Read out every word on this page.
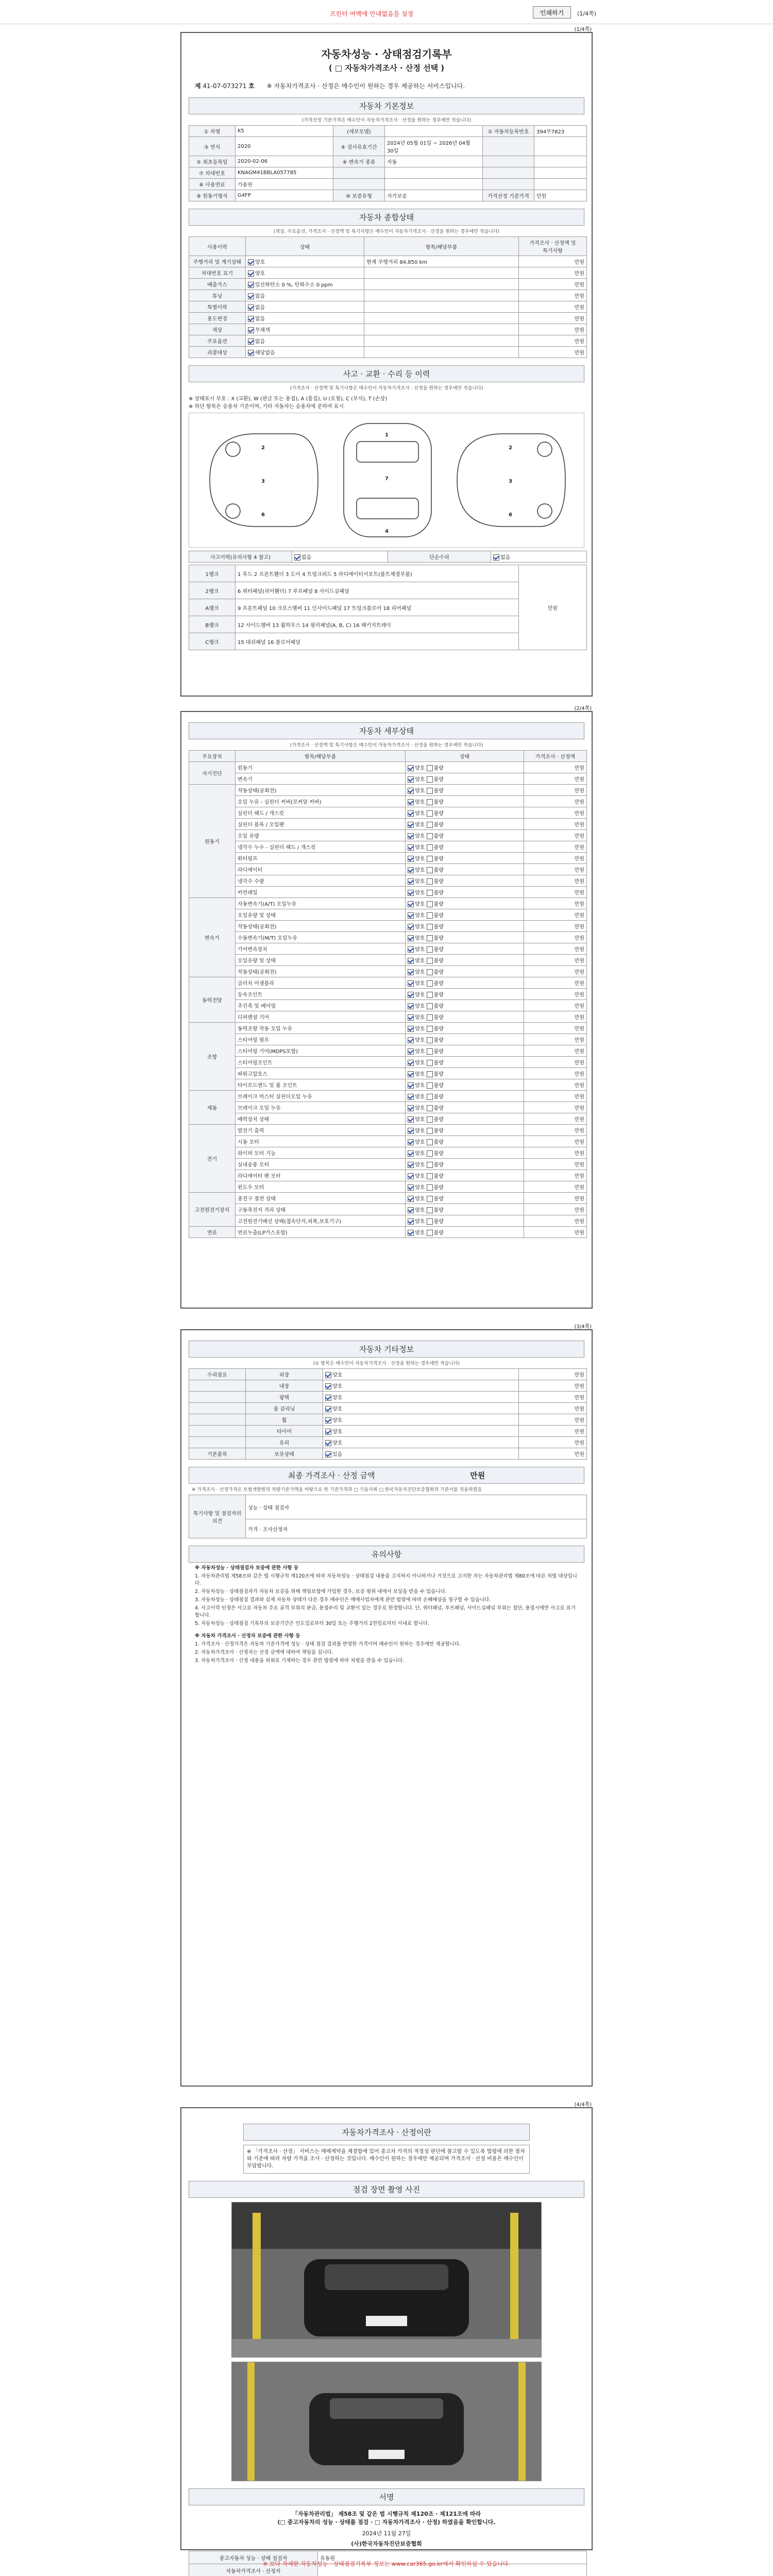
프린터 여백에 안내없음을 설정	인쇄하기	(1/4쪽)
(1/4쪽)
자동차성능 · 상태점검기록부
( □ 자동차가격조사 · 산정 선택 )
제 41-07-073271 호 ※ 자동차가격조사 · 산정은 매수인이 원하는 경우 제공하는 서비스입니다.
자동차 기본정보
(가격산정 기준가격은 매수인이 자동차가격조사 · 산정을 원하는 경우에만 적습니다)
① 차명	K5	(세부모델)		② 자동차등록번호	394무7823
③ 연식	2020	④ 검사유효기간	2024년 05월 01일 ~ 2026년 04월 30일		
⑤ 최초등록일	2020-02-06	⑥ 변속기 종류	자동		
⑦ 차대번호	KNAGM41BBLA057785				
⑧ 사용연료	가솔린				
⑨ 원동기형식	G4FP	⑩ 보증유형	자가보증	가격산정 기준가격	만원
자동차 종합상태
(색상, 주요옵션, 가격조사 · 산정액 및 특기사항은 매수인이 자동차가격조사 · 산정을 원하는 경우에만 적습니다)
사용이력	상태	항목/해당부품	가격조사 · 산정액 및 특기사항
주행거리 및 계기상태	양호	현재 주행거리 84,850 km	만원
차대번호 표기	양호		만원
배출가스	일산화탄소 0 %, 탄화수소 0 ppm		만원
튜닝	없음		만원
특별이력	없음		만원
용도변경	없음		만원
색상	무채색		만원
주요옵션	없음		만원
리콜대상	해당없음		만원
사고 · 교환 · 수리 등 이력
(가격조사 · 산정액 및 특기사항은 매수인이 자동차가격조사 · 산정을 원하는 경우에만 적습니다)
※ 상태표시 부호 : X (교환), W (판금 또는 용접), A (흠집), U (요철), C (부식), T (손상)
※ 하단 항목은 승용차 기준이며, 기타 자동차는 승용차에 준하여 표시
2
3
6
1
7
4
2
3
6
사고이력(유의사항 4 참고)	없음	단순수리	없음
1랭크	1 후드 2 프론트휀더 3 도어 4 트렁크리드 5 라디에이터서포트(볼트체결부품)	만원
2랭크	6 쿼터패널(리어휀더) 7 루프패널 8 사이드실패널	
A랭크	9 프론트패널 10 크로스멤버 11 인사이드패널 17 트렁크플로어 18 리어패널	
B랭크	12 사이드멤버 13 휠하우스 14 필러패널(A, B, C) 16 패키지트레이	
C랭크	15 대쉬패널 16 플로어패널	
(2/4쪽)
자동차 세부상태
(가격조사 · 산정액 및 특기사항은 매수인이 자동차가격조사 · 산정을 원하는 경우에만 적습니다)
주요장치	항목/해당부품	상태	가격조사 · 산정액
자기진단	원동기	양호 불량	만원
	변속기	양호 불량	만원
원동기	작동상태(공회전)	양호 불량	만원
	오일 누유 - 실린더 커버(로커암 커버)	양호 불량	만원
	실린더 헤드 / 개스킷	양호 불량	만원
	실린더 블록 / 오일팬	양호 불량	만원
	오일 유량	양호 불량	만원
	냉각수 누수 - 실린더 헤드 / 개스킷	양호 불량	만원
	워터펌프	양호 불량	만원
	라디에이터	양호 불량	만원
	냉각수 수량	양호 불량	만원
	커먼레일	양호 불량	만원
변속기	자동변속기(A/T) 오일누유	양호 불량	만원
	오일유량 및 상태	양호 불량	만원
	작동상태(공회전)	양호 불량	만원
	수동변속기(M/T) 오일누유	양호 불량	만원
	기어변속장치	양호 불량	만원
	오일유량 및 상태	양호 불량	만원
	작동상태(공회전)	양호 불량	만원
동력전달	클러치 어셈블리	양호 불량	만원
	등속조인트	양호 불량	만원
	추진축 및 베어링	양호 불량	만원
	디퍼렌셜 기어	양호 불량	만원
조향	동력조향 작동 오일 누유	양호 불량	만원
	스티어링 펌프	양호 불량	만원
	스티어링 기어(MDPS포함)	양호 불량	만원
	스티어링조인트	양호 불량	만원
	파워고압호스	양호 불량	만원
	타이로드엔드 및 볼 조인트	양호 불량	만원
제동	브레이크 마스터 실린더오일 누유	양호 불량	만원
	브레이크 오일 누유	양호 불량	만원
	배력장치 상태	양호 불량	만원
전기	발전기 출력	양호 불량	만원
	시동 모터	양호 불량	만원
	와이퍼 모터 기능	양호 불량	만원
	실내송풍 모터	양호 불량	만원
	라디에이터 팬 모터	양호 불량	만원
	윈도우 모터	양호 불량	만원
고전원전기장치	충전구 절연 상태	양호 불량	만원
	구동축전지 격리 상태	양호 불량	만원
	고전원전기배선 상태(접속단자,피복,보호기구)	양호 불량	만원
연료	연료누출(LP가스포함)	양호 불량	만원
(3/4쪽)
자동차 기타정보
(① 항목은 매수인이 자동차가격조사 · 산정을 원하는 경우에만 적습니다)
수리필요	외장	양호	만원
	내장	양호	만원
	광택	양호	만원
	룸 클리닝	양호	만원
	휠	양호	만원
	타이어	양호	만원
	유리	양호	만원
기본품목	보유상태	있음	만원
최종 가격조사 · 산정 금액	만원
※ 가격조사 · 산정가격은 보험개발원의 차량기준가액을 바탕으로 한 기준가격과 □ 기술사회 □ 한국자동차진단보증협회의 기준서를 적용하였음
특기사항 및 점검자의 의견	성능 · 상태 점검자
가격 · 조사산정자
유의사항

※ 자동차성능 · 상태점검자 보증에 관한 사항 등

1. 자동차관리법 제58조와 같은 법 시행규칙 제120조에 따라 자동차성능 · 상태점검 내용을 고지하지 아니하거나 거짓으로 고지한 자는 자동차관리법 제80조에 따른 처벌 대상입니다.

2. 자동차성능 · 상태점검자가 자동차 보증을 위해 책임보험에 가입한 경우, 보증 범위 내에서 보상을 받을 수 있습니다.

3. 자동차성능 · 상태점검 결과와 실제 자동차 상태가 다른 경우 매수인은 매매사업자에게 관련 법령에 따라 손해배상을 청구할 수 있습니다.

4. 사고이력 인정은 사고로 자동차 주요 골격 부위의 판금, 용접수리 및 교환이 있는 경우로 한정합니다. 단, 쿼터패널, 루프패널, 사이드실패널 부위는 절단, 용접시에만 사고로 표기합니다.

5. 자동차성능 · 상태점검 기록부의 보증기간은 인도일로부터 30일 또는 주행거리 2천킬로미터 이내로 합니다.

※ 자동차 가격조사 · 산정자 보증에 관한 사항 등

1. 가격조사 · 산정가격은 자동차 기준가격에 성능 · 상태 점검 결과를 반영한 가격이며 매수인이 원하는 경우에만 제공합니다.

2. 자동차가격조사 · 산정자는 산정 금액에 대하여 책임을 집니다.

3. 자동차가격조사 · 산정 내용을 허위로 기재하는 경우 관련 법령에 따라 처벌을 받을 수 있습니다.

(4/4쪽)
자동차가격조사 · 산정이란
※ 「가격조사 · 산정」 서비스는 매매계약을 체결함에 있어 중고차 가격의 적정성 판단에 참고할 수 있도록 법령에 의한 절차와 기준에 따라 차량 가격을 조사 · 산정하는 것입니다. 매수인이 원하는 경우에만 제공되며 가격조사 · 산정 비용은 매수인이 부담합니다.
점검 장면 촬영 사진
서명
「자동차관리법」 제58조 및 같은 법 시행규칙 제120조 · 제121조에 따라
(□ 중고자동차의 성능 · 상태를 점검 · □ 자동차가격조사 · 산정) 하였음을 확인합니다.
2024년 11월 27일
(사)한국자동차진단보증협회
중고자동차 성능 · 상태 점검자	유동원
자동차가격조사 · 산정자	

※ 보다 자세한 자동차성능 · 상태점검기록부 정보는 www.car365.go.kr에서 확인하실 수 있습니다.
